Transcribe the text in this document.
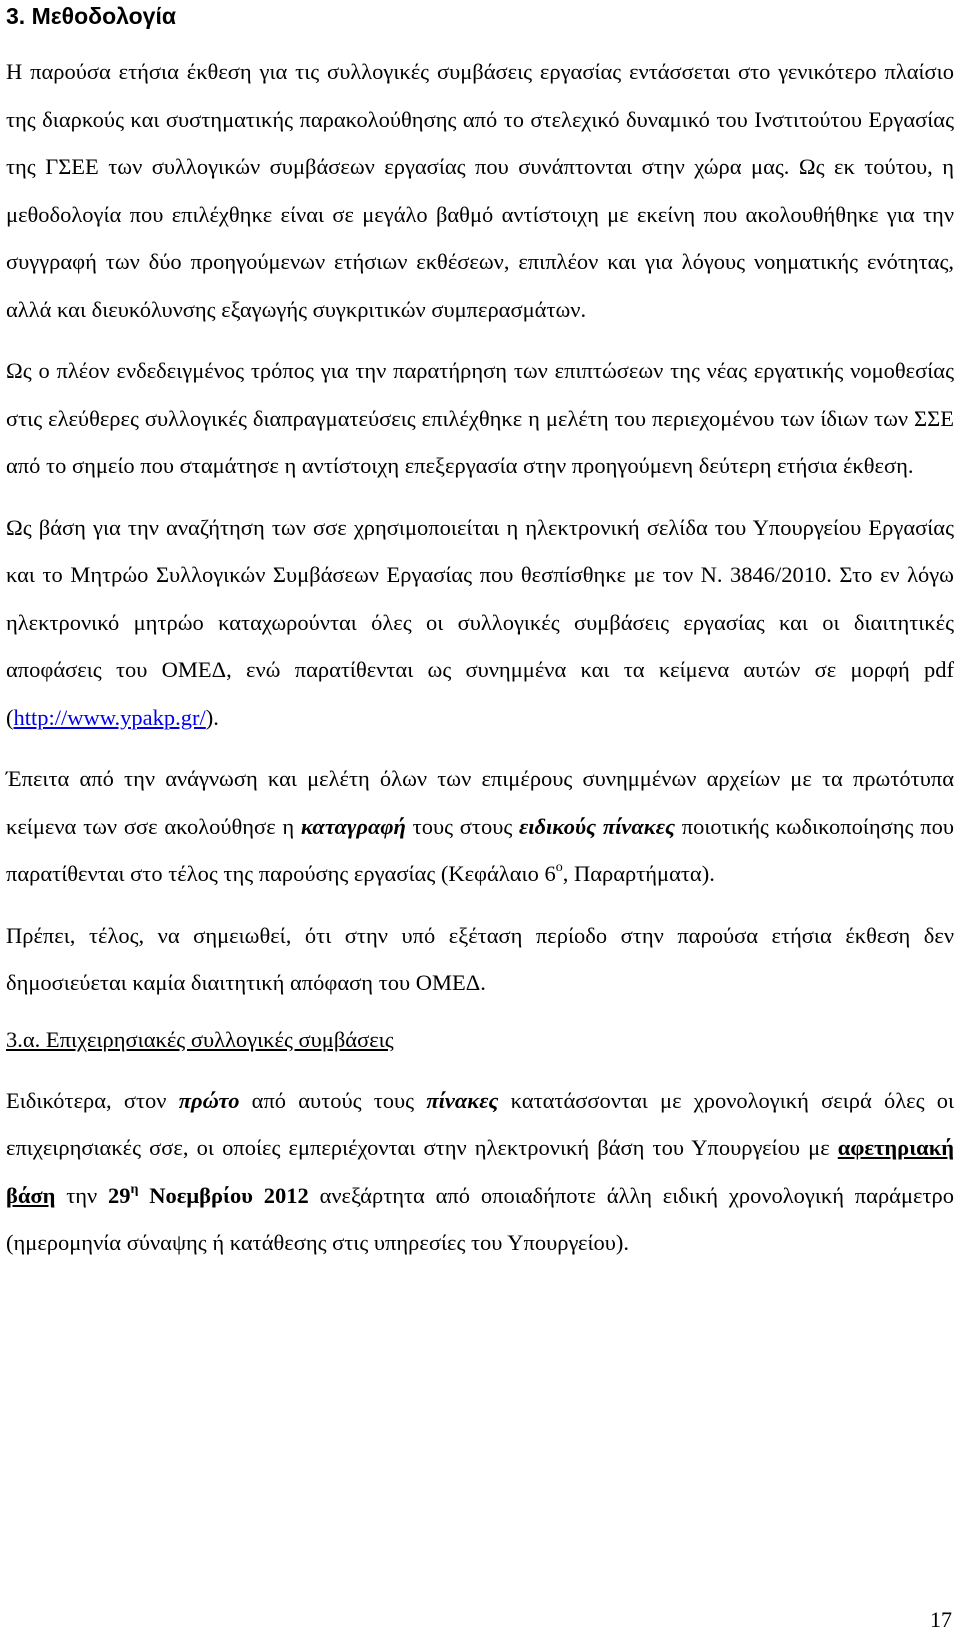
3. Μεθοδολογία

Η παρούσα ετήσια έκθεση για τις συλλογικές συμβάσεις εργασίας εντάσσεται στο γενικότερο πλαίσιο της διαρκούς και συστηματικής παρακολούθησης από το στελεχικό δυναμικό του Ινστιτούτου Εργασίας της ΓΣΕΕ των συλλογικών συμβάσεων εργασίας που συνάπτονται στην χώρα μας. Ως εκ τούτου, η μεθοδολογία που επιλέχθηκε είναι σε μεγάλο βαθμό αντίστοιχη με εκείνη που ακολουθήθηκε για την συγγραφή των δύο προηγούμενων ετήσιων εκθέσεων, επιπλέον και για λόγους νοηματικής ενότητας, αλλά και διευκόλυνσης εξαγωγής συγκριτικών συμπερασμάτων.

Ως ο πλέον ενδεδειγμένος τρόπος για την παρατήρηση των επιπτώσεων της νέας εργατικής νομοθεσίας στις ελεύθερες συλλογικές διαπραγματεύσεις επιλέχθηκε η μελέτη του περιεχομένου των ίδιων των ΣΣΕ από το σημείο που σταμάτησε η αντίστοιχη επεξεργασία στην προηγούμενη δεύτερη ετήσια έκθεση.

Ως βάση για την αναζήτηση των σσε χρησιμοποιείται η ηλεκτρονική σελίδα του Υπουργείου Εργασίας και το Μητρώο Συλλογικών Συμβάσεων Εργασίας που θεσπίσθηκε με τον Ν. 3846/2010. Στο εν λόγω ηλεκτρονικό μητρώο καταχωρούνται όλες οι συλλογικές συμβάσεις εργασίας και οι διαιτητικές αποφάσεις του ΟΜΕΔ, ενώ παρατίθενται ως συνημμένα και τα κείμενα αυτών σε μορφή pdf (http://www.ypakp.gr/).

Έπειτα από την ανάγνωση και μελέτη όλων των επιμέρους συνημμένων αρχείων με τα πρωτότυπα κείμενα των σσε ακολούθησε η καταγραφή τους στους ειδικούς πίνακες ποιοτικής κωδικοποίησης που παρατίθενται στο τέλος της παρούσης εργασίας (Κεφάλαιο $6^o$, Παραρτήματα).

Πρέπει, τέλος, να σημειωθεί, ότι στην υπό εξέταση περίοδο στην παρούσα ετήσια έκθεση δεν δημοσιεύεται καμία διαιτητική απόφαση του ΟΜΕΔ.

3.α. Επιχειρησιακές συλλογικές συμβάσεις

Ειδικότερα, στον πρώτο από αυτούς τους πίνακες κατατάσσονται με χρονολογική σειρά όλες οι επιχειρησιακές σσε, οι οποίες εμπεριέχονται στην ηλεκτρονική βάση του Υπουργείου με αφετηριακή βάση την $29^\eta$ Νοεμβρίου 2012 ανεξάρτητα από οποιαδήποτε άλλη ειδική χρονολογική παράμετρο (ημερομηνία σύναψης ή κατάθεσης στις υπηρεσίες του Υπουργείου).

17
